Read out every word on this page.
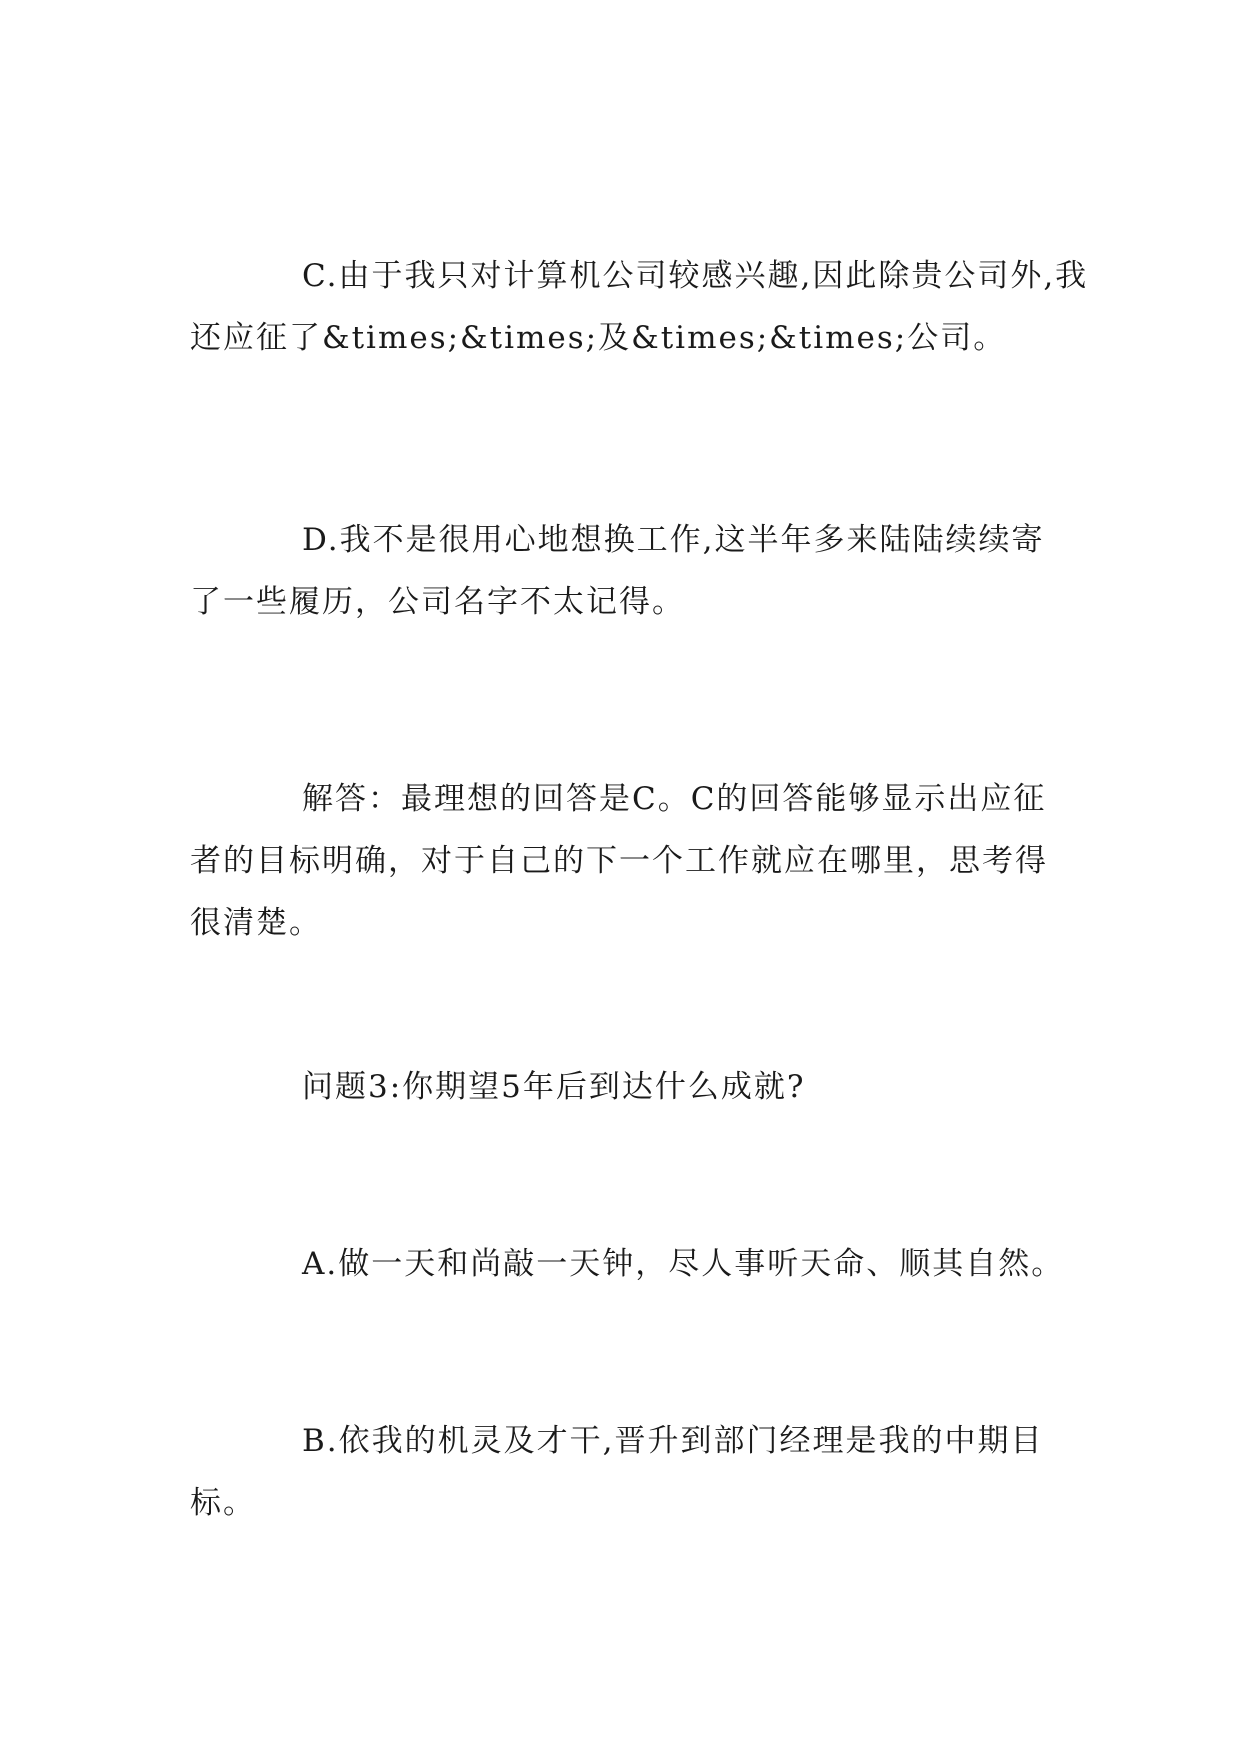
C.由于我只对计算机公司较感兴趣,因此除贵公司外,我还应征了&times;&times;及&times;&times;公司。

D.我不是很用心地想换工作,这半年多来陆陆续续寄了一些履历，公司名字不太记得。

解答：最理想的回答是C。C的回答能够显示出应征者的目标明确，对于自己的下一个工作就应在哪里，思考得很清楚。

问题3:你期望5年后到达什么成就?

A.做一天和尚敲一天钟，尽人事听天命、顺其自然。

B.依我的机灵及才干,晋升到部门经理是我的中期目标。
